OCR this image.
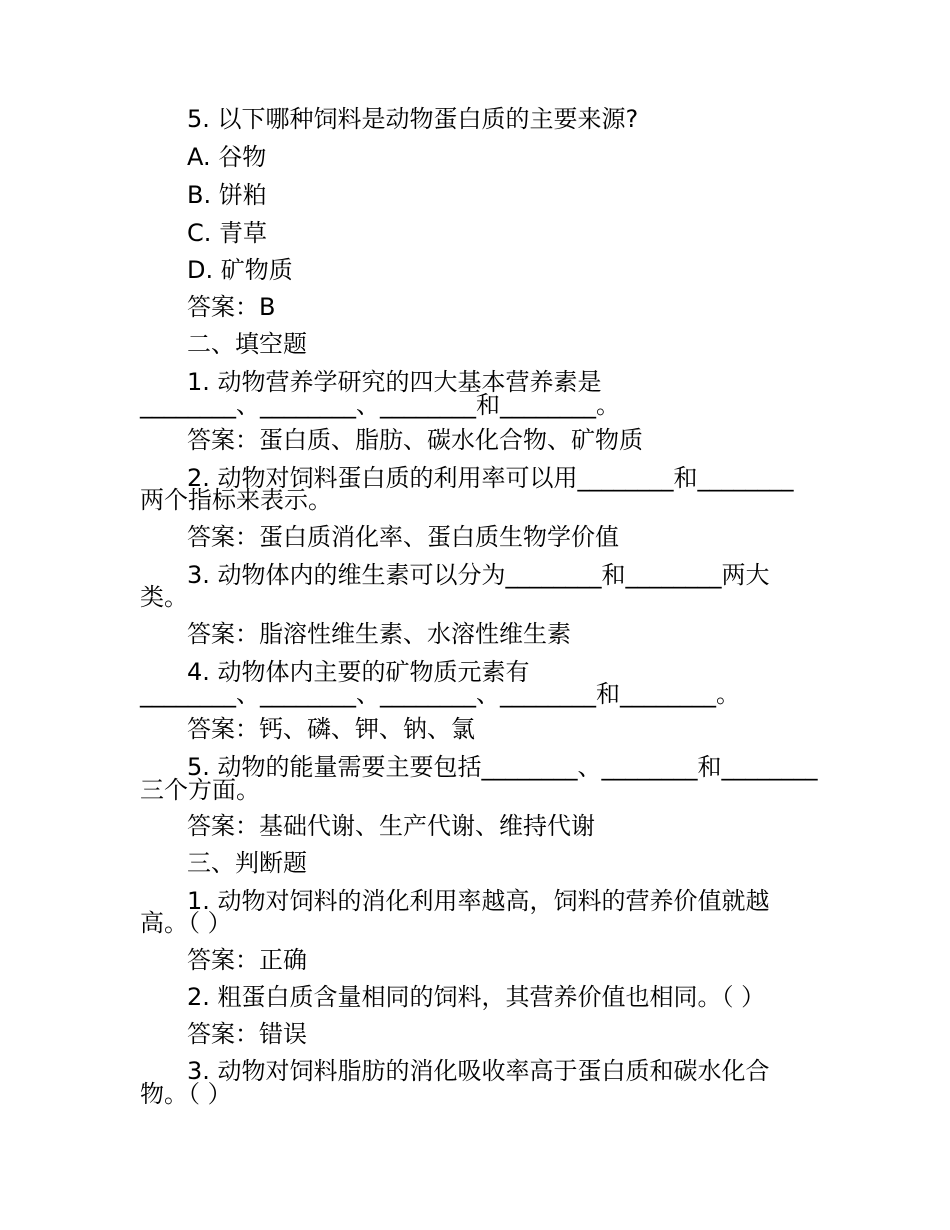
5. 以下哪种饲料是动物蛋白质的主要来源?
A. 谷物
B. 饼粕
C. 青草
D. 矿物质
答案：B
二、填空题
1. 动物营养学研究的四大基本营养素是
________、________、________和________。
答案：蛋白质、脂肪、碳水化合物、矿物质
2. 动物对饲料蛋白质的利用率可以用________和________
两个指标来表示。
答案：蛋白质消化率、蛋白质生物学价值
3. 动物体内的维生素可以分为________和________两大
类。
答案：脂溶性维生素、水溶性维生素
4. 动物体内主要的矿物质元素有
________、________、________、________和________。
答案：钙、磷、钾、钠、氯
5. 动物的能量需要主要包括________、________和________
三个方面。
答案：基础代谢、生产代谢、维持代谢
三、判断题
1. 动物对饲料的消化利用率越高，饲料的营养价值就越
高。（ ）
答案：正确
2. 粗蛋白质含量相同的饲料，其营养价值也相同。（ ）
答案：错误
3. 动物对饲料脂肪的消化吸收率高于蛋白质和碳水化合
物。（ ）
